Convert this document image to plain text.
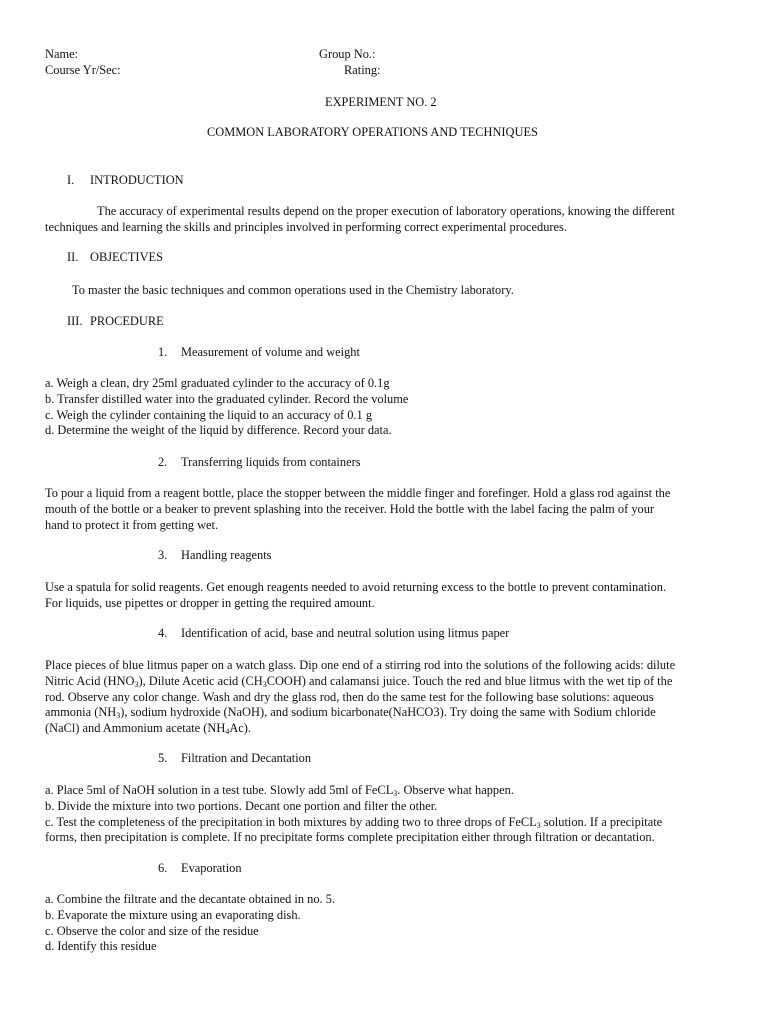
Name:	Group No.:
Course Yr/Sec:	Rating:
EXPERIMENT NO. 2
COMMON LABORATORY OPERATIONS AND TECHNIQUES
I. INTRODUCTION
The accuracy of experimental results depend on the proper execution of laboratory operations, knowing the different
techniques and learning the skills and principles involved in performing correct experimental procedures.
II. OBJECTIVES
To master the basic techniques and common operations used in the Chemistry laboratory.
III. PROCEDURE
1. Measurement of volume and weight
a. Weigh a clean, dry 25ml graduated cylinder to the accuracy of 0.1g
b. Transfer distilled water into the graduated cylinder. Record the volume
c. Weigh the cylinder containing the liquid to an accuracy of 0.1 g
d. Determine the weight of the liquid by difference. Record your data.
2. Transferring liquids from containers
To pour a liquid from a reagent bottle, place the stopper between the middle finger and forefinger. Hold a glass rod against the
mouth of the bottle or a beaker to prevent splashing into the receiver. Hold the bottle with the label facing the palm of your
hand to protect it from getting wet.
3. Handling reagents
Use a spatula for solid reagents. Get enough reagents needed to avoid returning excess to the bottle to prevent contamination.
For liquids, use pipettes or dropper in getting the required amount.
4. Identification of acid, base and neutral solution using litmus paper
Place pieces of blue litmus paper on a watch glass. Dip one end of a stirring rod into the solutions of the following acids: dilute
Nitric Acid $(HNO_3)$, Dilute Acetic acid $(CH_3COOH)$ and calamansi juice. Touch the red and blue litmus with the wet tip of the
rod. Observe any color change. Wash and dry the glass rod, then do the same test for the following base solutions: aqueous
ammonia $(NH_3)$, sodium hydroxide (NaOH), and sodium bicarbonate(NaHCO3). Try doing the same with Sodium chloride
(NaCl) and Ammonium acetate $(NH_4Ac)$.
5. Filtration and Decantation
a. Place 5ml of NaOH solution in a test tube. Slowly add 5ml of FeCL$_3$. Observe what happen.
b. Divide the mixture into two portions. Decant one portion and filter the other.
c. Test the completeness of the precipitation in both mixtures by adding two to three drops of FeCL$_3$ solution. If a precipitate
forms, then precipitation is complete. If no precipitate forms complete precipitation either through filtration or decantation.
6. Evaporation
a. Combine the filtrate and the decantate obtained in no. 5.
b. Evaporate the mixture using an evaporating dish.
c. Observe the color and size of the residue
d. Identify this residue
